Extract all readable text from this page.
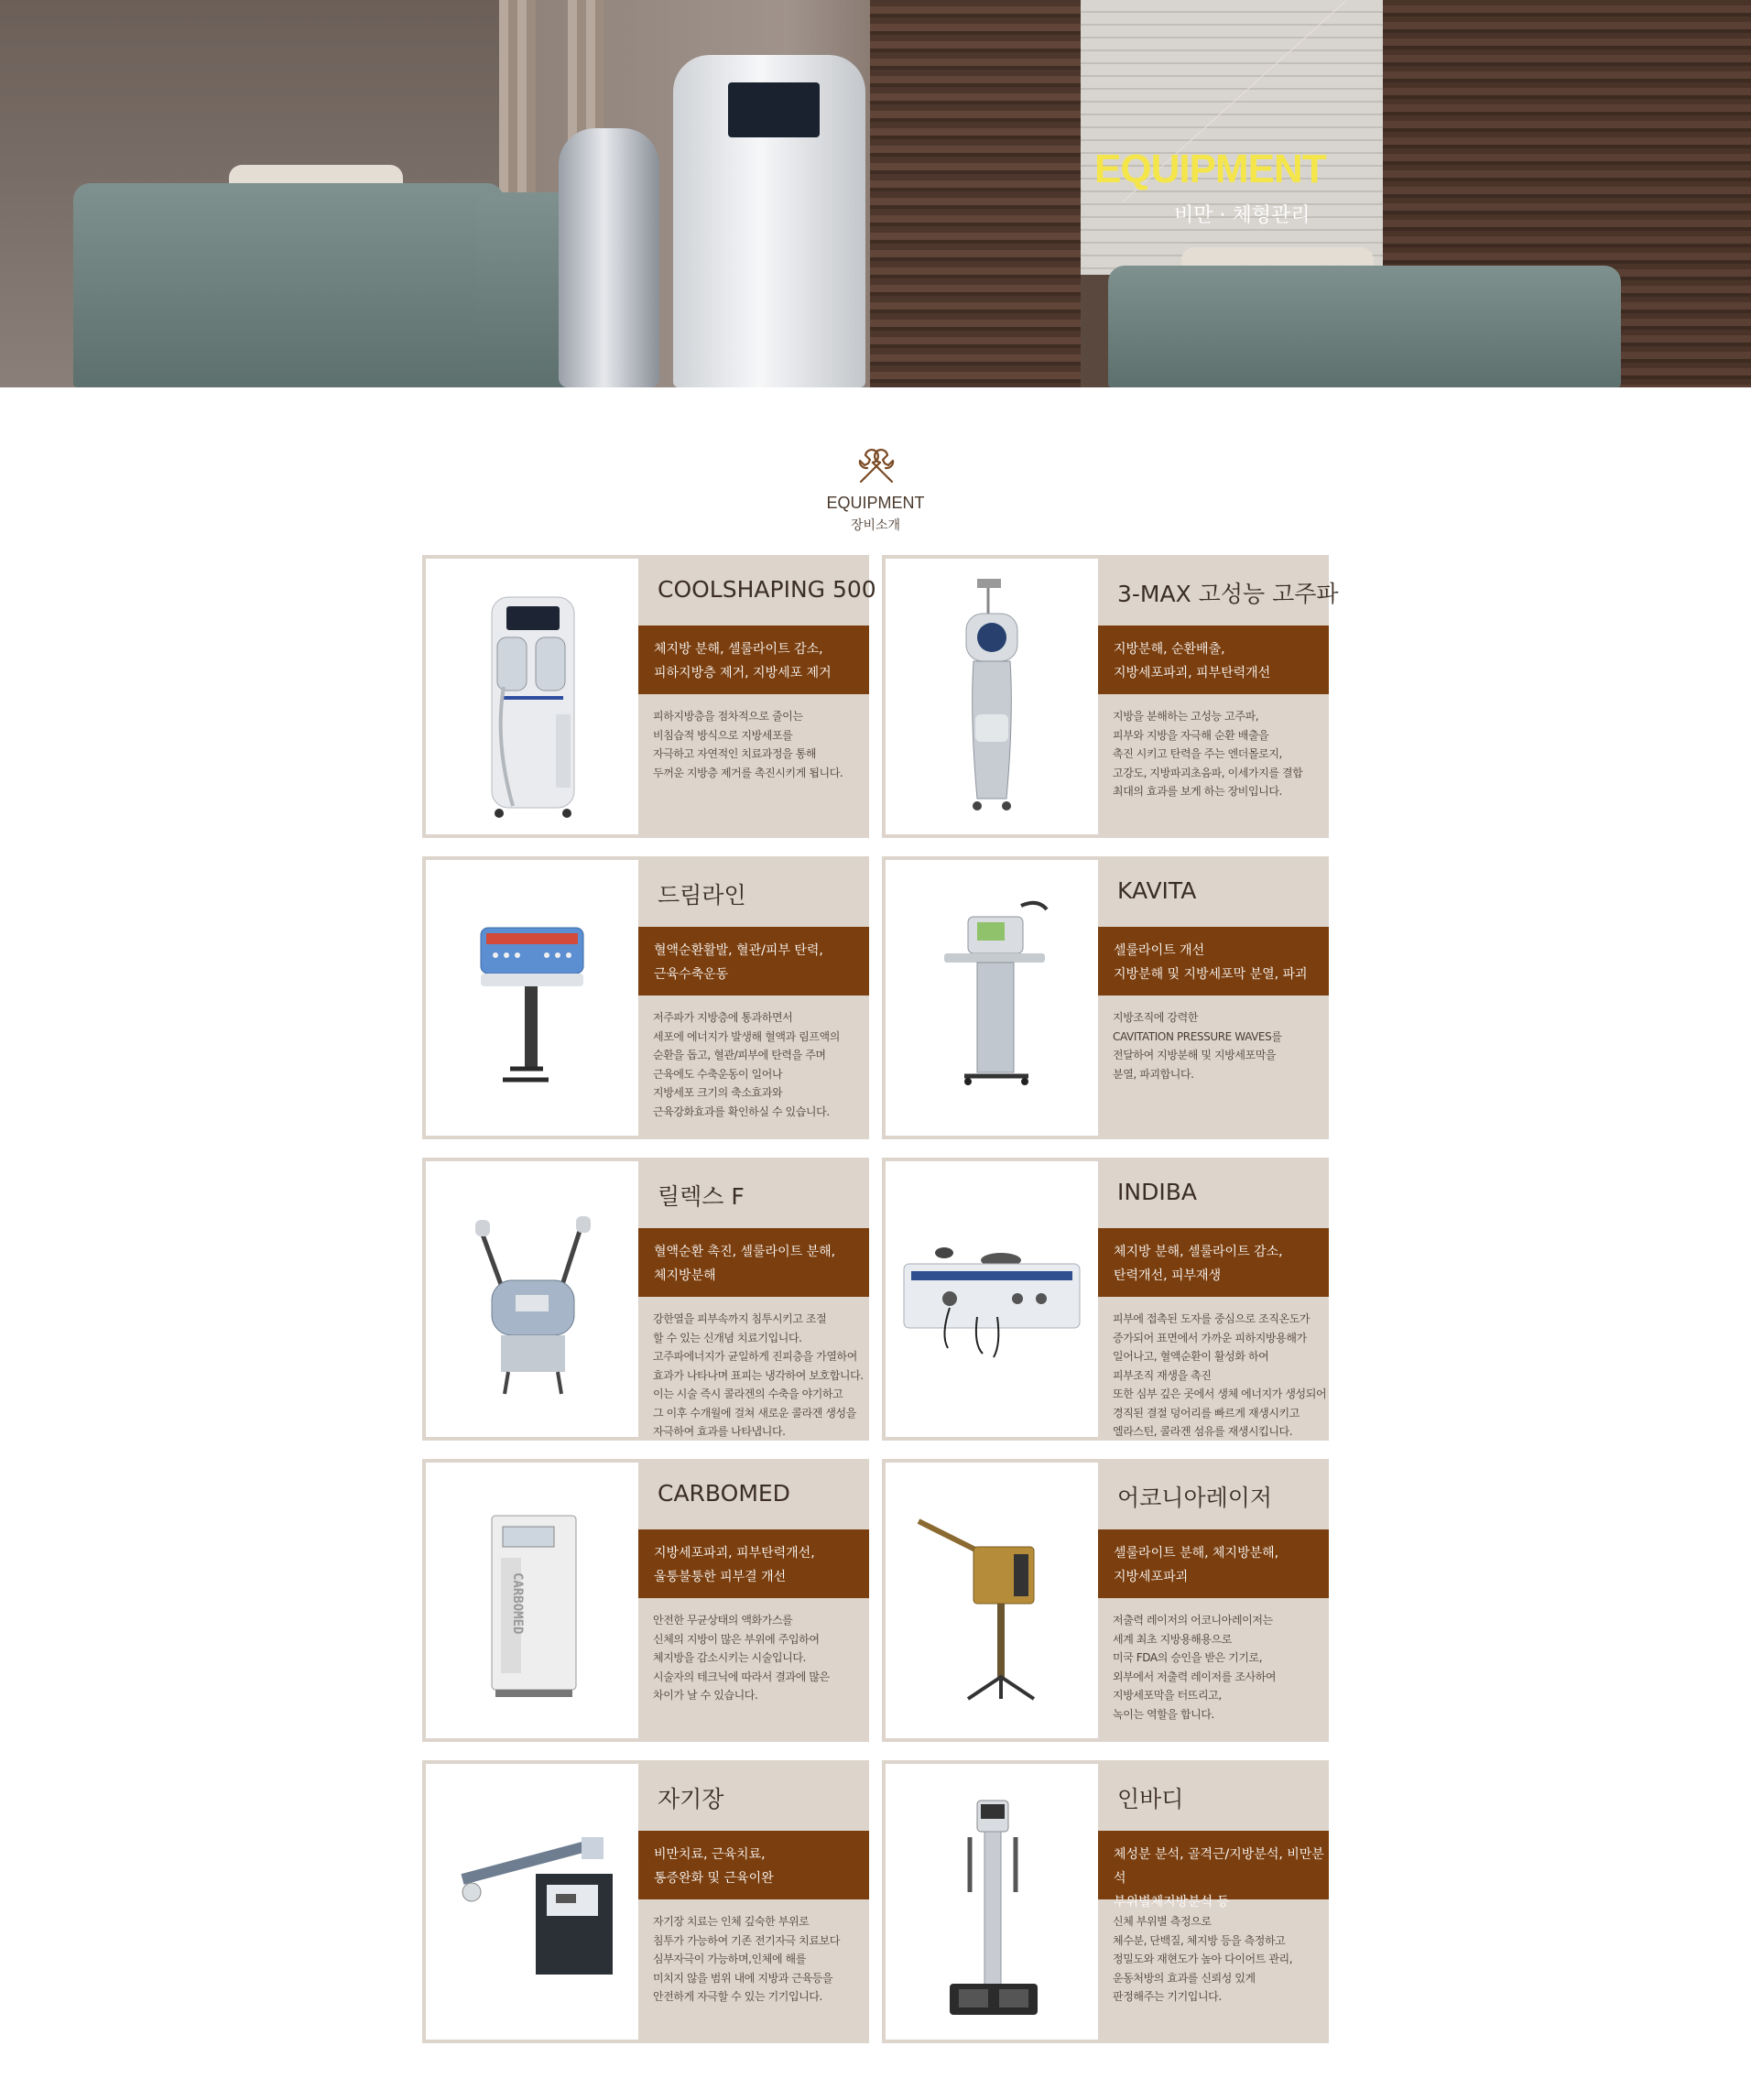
EQUIPMENT

비만 · 체형관리

EQUIPMENT
장비소개
COOLSHAPING 500
체지방 분해, 셀룰라이트 감소,
피하지방층 제거, 지방세포 제거
피하지방층을 점차적으로 줄이는
비침습적 방식으로 지방세포를
자극하고 자연적인 치료과정을 통해
두꺼운 지방층 제거를 촉진시키게 됩니다.
3-MAX 고성능 고주파
지방분해, 순환배출,
지방세포파괴, 피부탄력개선
지방을 분해하는 고성능 고주파,
피부와 지방을 자극해 순환 배출을
촉진 시키고 탄력을 주는 엔더몰로지,
고강도, 지방파괴초음파, 이세가지를 결합
최대의 효과를 보게 하는 장비입니다.
드림라인
혈액순환활발, 혈관/피부 탄력,
근육수축운동
저주파가 지방층에 통과하면서
세포에 에너지가 발생해 혈액과 림프액의
순환을 돕고, 혈관/피부에 탄력을 주며
근육에도 수축운동이 일어나
지방세포 크기의 축소효과와
근육강화효과를 확인하실 수 있습니다.
KAVITA
셀룰라이트 개선
지방분해 및 지방세포막 분열, 파괴
지방조직에 강력한
CAVITATION PRESSURE WAVES를
전달하여 지방분해 및 지방세포막을
분열, 파괴합니다.
릴렉스 F
혈액순환 촉진, 셀룰라이트 분해,
체지방분해
강한열을 피부속까지 침투시키고 조절
할 수 있는 신개념 치료기입니다.
고주파에너지가 균일하게 진피층을 가열하여
효과가 나타나며 표피는 냉각하여 보호합니다.
이는 시술 즉시 콜라겐의 수축을 야기하고
그 이후 수개월에 걸쳐 새로운 콜라겐 생성을
자극하여 효과를 나타냅니다.
INDIBA
체지방 분해, 셀룰라이트 감소,
탄력개선, 피부재생
피부에 접촉된 도자를 중심으로 조직온도가
증가되어 표면에서 가까운 피하지방용해가
일어나고, 혈액순환이 활성화 하여
피부조직 재생을 촉진
또한 심부 깊은 곳에서 생체 에너지가 생성되어
경직된 결절 덩어리를 빠르게 재생시키고
엘라스틴, 콜라겐 섬유를 재생시킵니다.
CARBOMED
CARBOMED
지방세포파괴, 피부탄력개선,
울퉁불퉁한 피부결 개선
안전한 무균상태의 액화가스를
신체의 지방이 많은 부위에 주입하여
체지방을 감소시키는 시술입니다.
시술자의 테크닉에 따라서 결과에 많은
차이가 날 수 있습니다.
어코니아레이저
셀룰라이트 분해, 체지방분해,
지방세포파괴
저출력 레이저의 어코니아레이저는
세계 최초 지방용해용으로
미국 FDA의 승인을 받은 기기로,
외부에서 저출력 레이저를 조사하여
지방세포막을 터뜨리고,
녹이는 역할을 합니다.
자기장
비만치료, 근육치료,
통증완화 및 근육이완
자기장 치료는 인체 깊숙한 부위로
침투가 가능하여 기존 전기자극 치료보다
심부자극이 가능하며,인체에 해를
미치지 않을 범위 내에 지방과 근육등을
안전하게 자극할 수 있는 기기입니다.
인바디
체성분 분석, 골격근/지방분석, 비만분석
부위별체지방분석 등
신체 부위별 측정으로
체수분, 단백질, 체지방 등을 측정하고
정밀도와 재현도가 높아 다이어트 관리,
운동처방의 효과를 신뢰성 있게
판정해주는 기기입니다.
